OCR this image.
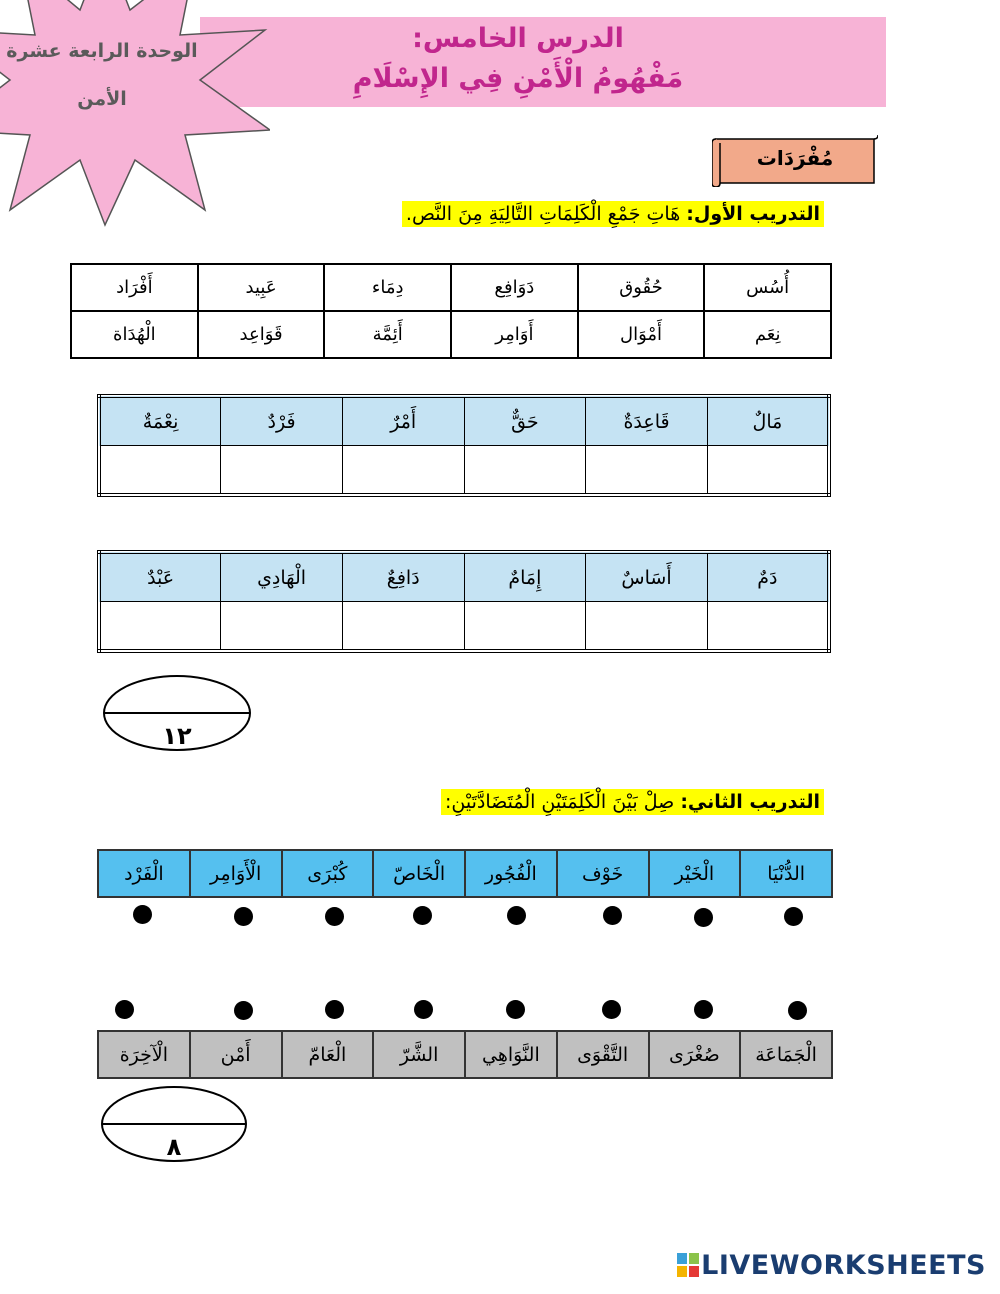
الدرس الخامس:
مَفْهُومُ الْأَمْنِ فِي الإِسْلَامِ
الوحدة الرابعة عشرة
الأمن
مُفْرَدَات
التدريب الأول: هَاتِ جَمْعِ الْكَلِمَاتِ التَّالِيَةِ مِنَ النَّص.
أُسُس	حُقُوق	دَوَافِع	دِمَاء	عَبِيد	أَفْرَاد
نِعَم	أَمْوَال	أَوَامِر	أَئِمَّة	قَوَاعِد	الْهُدَاة
مَالٌ	قَاعِدَةٌ	حَقٌّ	أَمْرٌ	فَرْدٌ	نِعْمَةٌ

دَمٌ	أَسَاسٌ	إِمَامٌ	دَافِعٌ	الْهَادِي	عَبْدٌ

١٢
التدريب الثاني: صِلْ بَيْنَ الْكَلِمَتَيْنِ الْمُتَضَادَّتَيْنِ:
الدُّنْيَا	الْخَيْر	خَوْف	الْفُجُور	الْخَاصّ	كُبْرَى	الْأَوَامِر	الْفَرْد
الْجَمَاعَة	صُغْرَى	التَّقْوَى	النَّوَاهِي	الشَّرّ	الْعَامّ	أَمْن	الْآخِرَة
٨
LIVEWORKSHEETS
